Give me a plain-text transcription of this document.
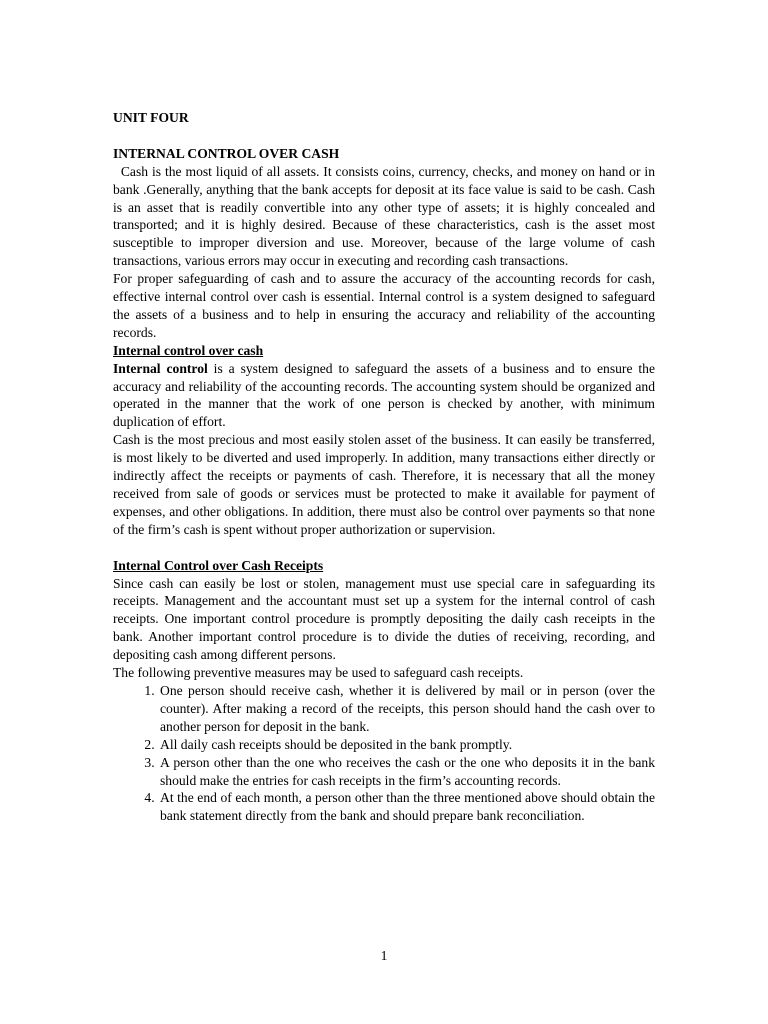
UNIT FOUR

INTERNAL CONTROL OVER CASH

Cash is the most liquid of all assets. It consists coins, currency, checks, and money on hand or in bank .Generally, anything that the bank accepts for deposit at its face value is said to be cash. Cash is an asset that is readily convertible into any other type of assets; it is highly concealed and transported; and it is highly desired. Because of these characteristics, cash is the asset most susceptible to improper diversion and use. Moreover, because of the large volume of cash transactions, various errors may occur in executing and recording cash transactions.

For proper safeguarding of cash and to assure the accuracy of the accounting records for cash, effective internal control over cash is essential. Internal control is a system designed to safeguard the assets of a business and to help in ensuring the accuracy and reliability of the accounting records.

Internal control over cash

Internal control is a system designed to safeguard the assets of a business and to ensure the accuracy and reliability of the accounting records. The accounting system should be organized and operated in the manner that the work of one person is checked by another, with minimum duplication of effort.

Cash is the most precious and most easily stolen asset of the business. It can easily be transferred, is most likely to be diverted and used improperly. In addition, many transactions either directly or indirectly affect the receipts or payments of cash. Therefore, it is necessary that all the money received from sale of goods or services must be protected to make it available for payment of expenses, and other obligations. In addition, there must also be control over payments so that none of the firm’s cash is spent without proper authorization or supervision.

Internal Control over Cash Receipts

Since cash can easily be lost or stolen, management must use special care in safeguarding its receipts. Management and the accountant must set up a system for the internal control of cash receipts. One important control procedure is promptly depositing the daily cash receipts in the bank. Another important control procedure is to divide the duties of receiving, recording, and depositing cash among different persons.

The following preventive measures may be used to safeguard cash receipts.

1. One person should receive cash, whether it is delivered by mail or in person (over the counter). After making a record of the receipts, this person should hand the cash over to another person for deposit in the bank.
2. All daily cash receipts should be deposited in the bank promptly.
3. A person other than the one who receives the cash or the one who deposits it in the bank should make the entries for cash receipts in the firm’s accounting records.
4. At the end of each month, a person other than the three mentioned above should obtain the bank statement directly from the bank and should prepare bank reconciliation.
1
